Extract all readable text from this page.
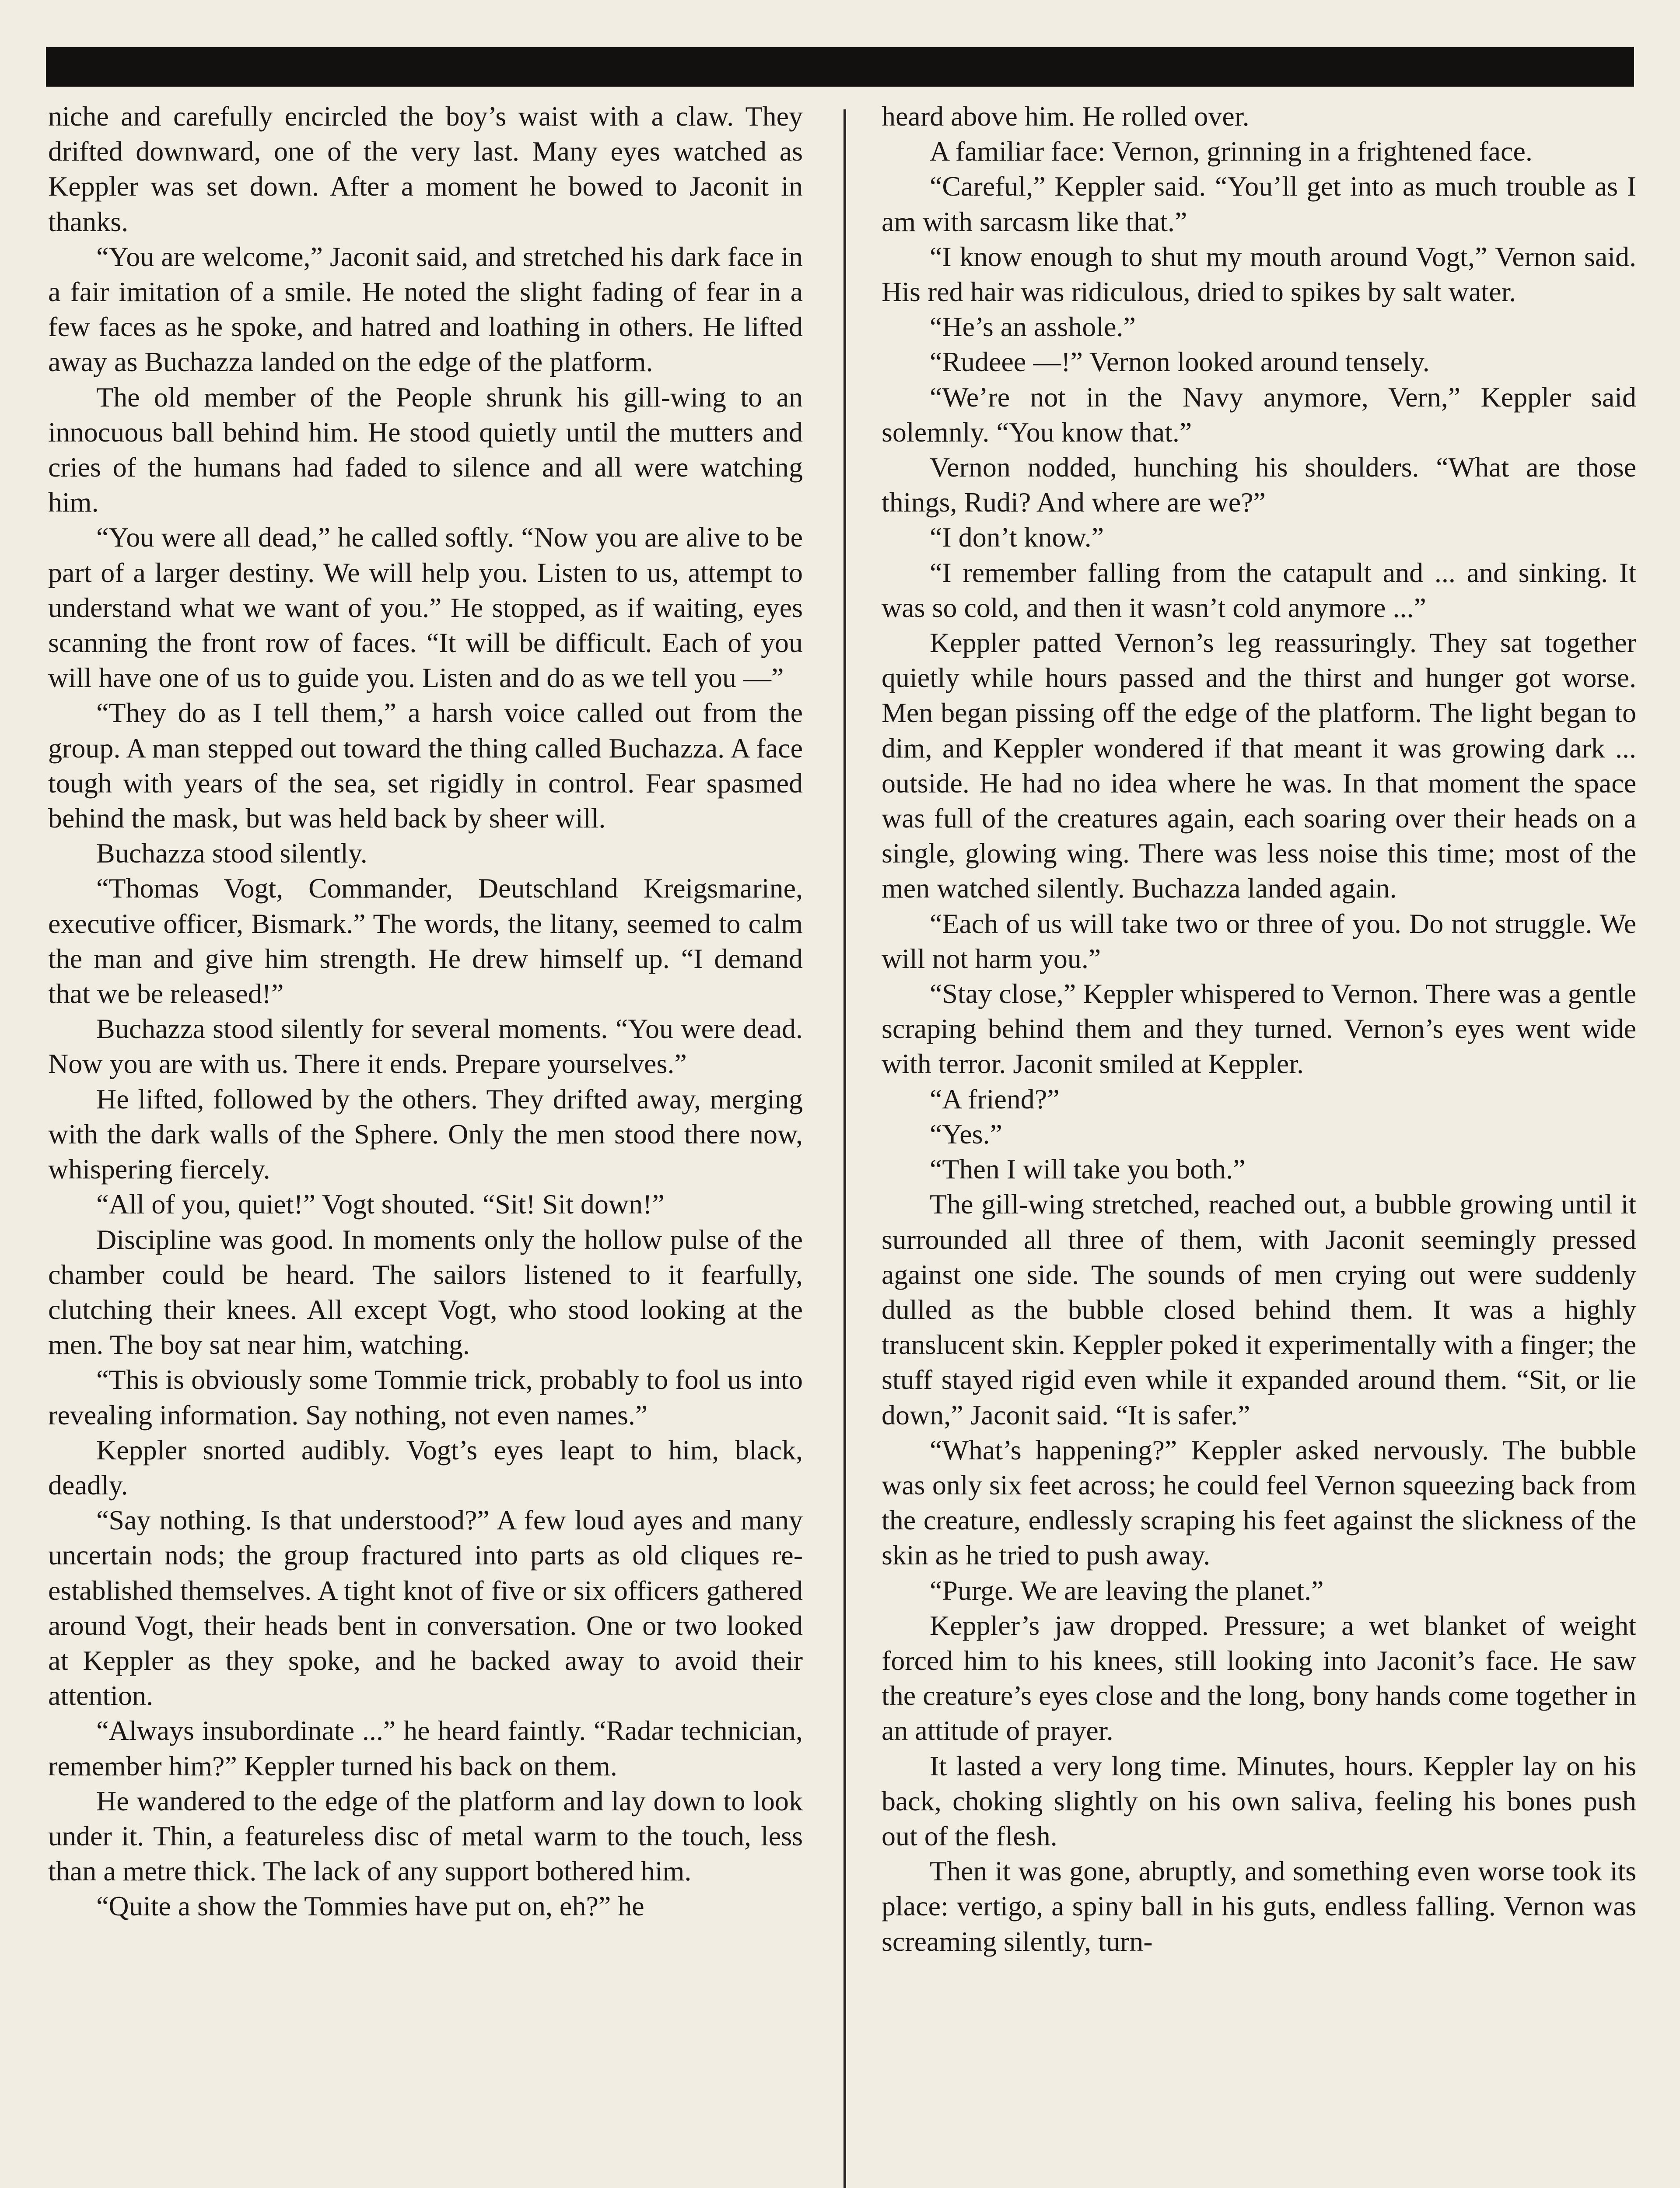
niche and carefully encircled the boy’s waist with a claw. They drifted downward, one of the very last. Many eyes watched as Keppler was set down. After a moment he bowed to Jaconit in thanks.

“You are welcome,” Jaconit said, and stretched his dark face in a fair imitation of a smile. He noted the slight fading of fear in a few faces as he spoke, and hatred and loathing in others. He lifted away as Buchazza landed on the edge of the platform.

The old member of the People shrunk his gill-wing to an innocuous ball behind him. He stood quietly until the mutters and cries of the humans had faded to silence and all were watching him.

“You were all dead,” he called softly. “Now you are alive to be part of a larger destiny. We will help you. Listen to us, attempt to understand what we want of you.” He stopped, as if waiting, eyes scanning the front row of faces. “It will be difficult. Each of you will have one of us to guide you. Listen and do as we tell you —”

“They do as I tell them,” a harsh voice called out from the group. A man stepped out toward the thing called Buchazza. A face tough with years of the sea, set rigidly in control. Fear spasmed behind the mask, but was held back by sheer will.

Buchazza stood silently.

“Thomas Vogt, Commander, Deutschland Kreigsmarine, executive officer, Bismark.” The words, the litany, seemed to calm the man and give him strength. He drew himself up. “I demand that we be released!”

Buchazza stood silently for several moments. “You were dead. Now you are with us. There it ends. Prepare yourselves.”

He lifted, followed by the others. They drifted away, merging with the dark walls of the Sphere. Only the men stood there now, whispering fiercely.

“All of you, quiet!” Vogt shouted. “Sit! Sit down!”

Discipline was good. In moments only the hollow pulse of the chamber could be heard. The sailors listened to it fearfully, clutching their knees. All except Vogt, who stood looking at the men. The boy sat near him, watching.

“This is obviously some Tommie trick, probably to fool us into revealing information. Say nothing, not even names.”

Keppler snorted audibly. Vogt’s eyes leapt to him, black, deadly.

“Say nothing. Is that understood?” A few loud ayes and many uncertain nods; the group fractured into parts as old cliques re-established themselves. A tight knot of five or six officers gathered around Vogt, their heads bent in conversation. One or two looked at Keppler as they spoke, and he backed away to avoid their attention.

“Always insubordinate ...” he heard faintly. “Radar technician, remember him?” Keppler turned his back on them.

He wandered to the edge of the platform and lay down to look under it. Thin, a featureless disc of metal warm to the touch, less than a metre thick. The lack of any support bothered him.

“Quite a show the Tommies have put on, eh?” he

heard above him. He rolled over.

A familiar face: Vernon, grinning in a frightened face.

“Careful,” Keppler said. “You’ll get into as much trouble as I am with sarcasm like that.”

“I know enough to shut my mouth around Vogt,” Vernon said. His red hair was ridiculous, dried to spikes by salt water.

“He’s an asshole.”

“Rudeee —!” Vernon looked around tensely.

“We’re not in the Navy anymore, Vern,” Keppler said solemnly. “You know that.”

Vernon nodded, hunching his shoulders. “What are those things, Rudi? And where are we?”

“I don’t know.”

“I remember falling from the catapult and ... and sinking. It was so cold, and then it wasn’t cold anymore ...”

Keppler patted Vernon’s leg reassuringly. They sat together quietly while hours passed and the thirst and hunger got worse. Men began pissing off the edge of the platform. The light began to dim, and Keppler wondered if that meant it was growing dark ... outside. He had no idea where he was. In that moment the space was full of the creatures again, each soaring over their heads on a single, glowing wing. There was less noise this time; most of the men watched silently. Buchazza landed again.

“Each of us will take two or three of you. Do not struggle. We will not harm you.”

“Stay close,” Keppler whispered to Vernon. There was a gentle scraping behind them and they turned. Vernon’s eyes went wide with terror. Jaconit smiled at Keppler.

“A friend?”

“Yes.”

“Then I will take you both.”

The gill-wing stretched, reached out, a bubble growing until it surrounded all three of them, with Jaconit seemingly pressed against one side. The sounds of men crying out were suddenly dulled as the bubble closed behind them. It was a highly translucent skin. Keppler poked it experimentally with a finger; the stuff stayed rigid even while it expanded around them. “Sit, or lie down,” Jaconit said. “It is safer.”

“What’s happening?” Keppler asked nervously. The bubble was only six feet across; he could feel Vernon squeezing back from the creature, endlessly scraping his feet against the slickness of the skin as he tried to push away.

“Purge. We are leaving the planet.”

Keppler’s jaw dropped. Pressure; a wet blanket of weight forced him to his knees, still looking into Jaconit’s face. He saw the creature’s eyes close and the long, bony hands come together in an attitude of prayer.

It lasted a very long time. Minutes, hours. Keppler lay on his back, choking slightly on his own saliva, feeling his bones push out of the flesh.

Then it was gone, abruptly, and something even worse took its place: vertigo, a spiny ball in his guts, endless falling. Vernon was screaming silently, turn-
